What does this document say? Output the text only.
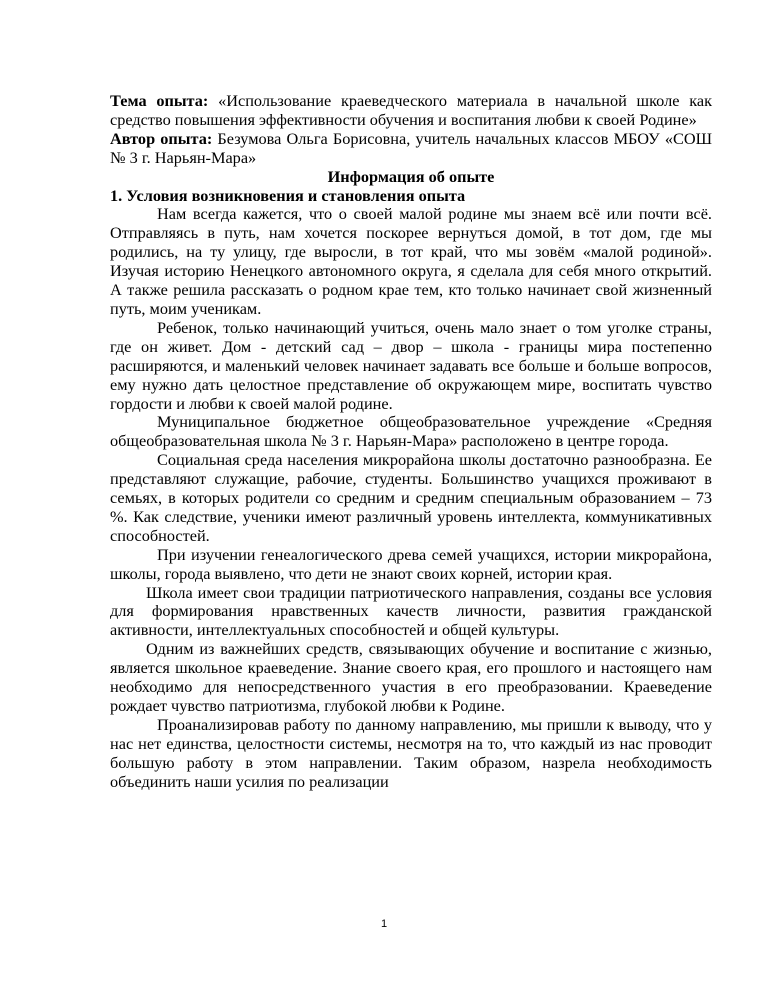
Тема опыта: «Использование краеведческого материала в начальной школе как средство повышения эффективности обучения и воспитания любви к своей Родине»

Автор опыта: Безумова Ольга Борисовна, учитель начальных классов МБОУ «СОШ № 3 г. Нарьян-Мара»

Информация об опыте

1. Условия возникновения и становления опыта

Нам всегда кажется, что о своей малой родине мы знаем всё или почти всё. Отправляясь в путь, нам хочется поскорее вернуться домой, в тот дом, где мы родились, на ту улицу, где выросли, в тот край, что мы зовём «малой родиной». Изучая историю Ненецкого автономного округа, я сделала для себя много открытий. А также решила рассказать о родном крае тем, кто только начинает свой жизненный путь, моим ученикам.

Ребенок, только начинающий учиться, очень мало знает о том уголке страны, где он живет. Дом - детский сад – двор – школа - границы мира постепенно расширяются, и маленький человек начинает задавать все больше и больше вопросов, ему нужно дать целостное представление об окружающем мире, воспитать чувство гордости и любви к своей малой родине.

Муниципальное бюджетное общеобразовательное учреждение «Средняя общеобразовательная школа № 3 г. Нарьян-Мара» расположено в центре города.

Социальная среда населения микрорайона школы достаточно разнообразна. Ее представляют служащие, рабочие, студенты. Большинство учащихся проживают в семьях, в которых родители со средним и средним специальным образованием – 73 %. Как следствие, ученики имеют различный уровень интеллекта, коммуникативных способностей.

При изучении генеалогического древа семей учащихся, истории микрорайона, школы, города выявлено, что дети не знают своих корней, истории края.

Школа имеет свои традиции патриотического направления, созданы все условия для формирования нравственных качеств личности, развития гражданской активности, интеллектуальных способностей и общей культуры.

Одним из важнейших средств, связывающих обучение и воспитание с жизнью, является школьное краеведение. Знание своего края, его прошлого и настоящего нам необходимо для непосредственного участия в его преобразовании. Краеведение рождает чувство патриотизма, глубокой любви к Родине.

Проанализировав работу по данному направлению, мы пришли к выводу, что у нас нет единства, целостности системы, несмотря на то, что каждый из нас проводит большую работу в этом направлении. Таким образом, назрела необходимость объединить наши усилия по реализации

1
